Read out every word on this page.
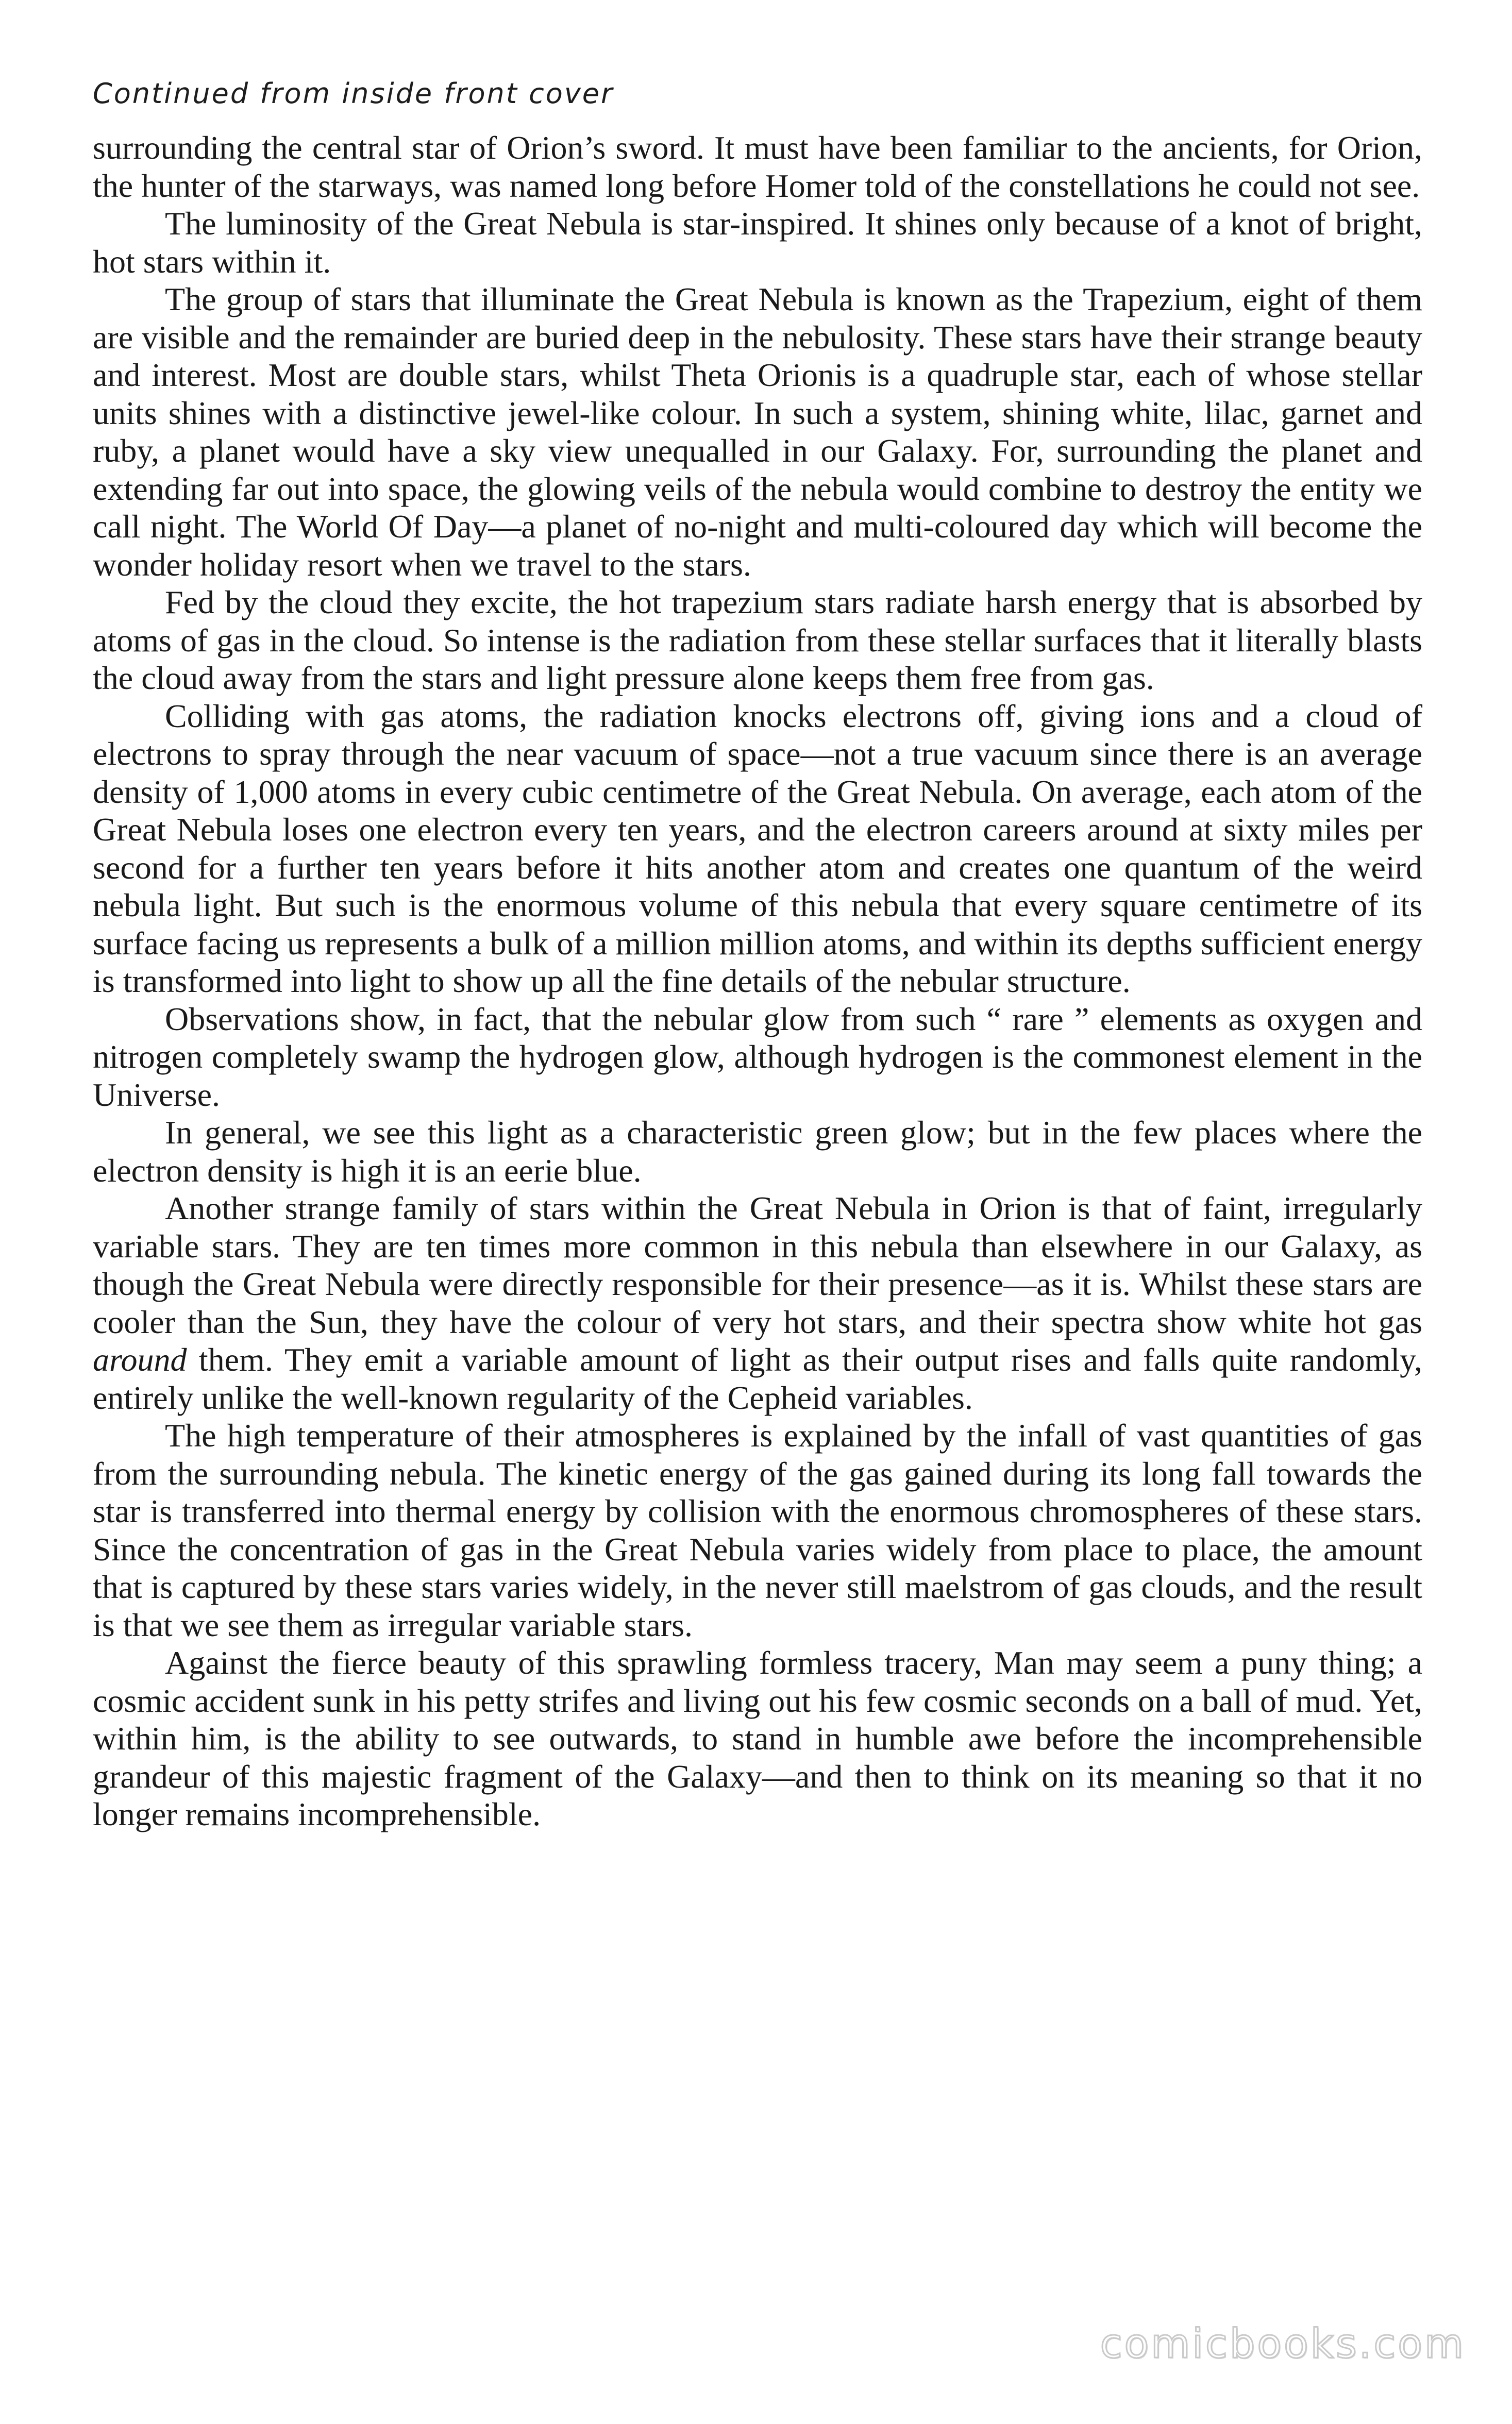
Continued from inside front cover

surrounding the central star of Orion’s sword. It must have been familiar to the ancients, for Orion, the hunter of the starways, was named long before Homer told of the constellations he could not see.

The luminosity of the Great Nebula is star-inspired. It shines only because of a knot of bright, hot stars within it.

The group of stars that illuminate the Great Nebula is known as the Trapezium, eight of them are visible and the remainder are buried deep in the nebulosity. These stars have their strange beauty and interest. Most are double stars, whilst Theta Orionis is a quadruple star, each of whose stellar units shines with a distinctive jewel-like colour. In such a system, shining white, lilac, garnet and ruby, a planet would have a sky view unequalled in our Galaxy. For, surrounding the planet and extending far out into space, the glowing veils of the nebula would combine to destroy the entity we call night. The World Of Day—a planet of no-night and multi-coloured day which will become the wonder holiday resort when we travel to the stars.

Fed by the cloud they excite, the hot trapezium stars radiate harsh energy that is absorbed by atoms of gas in the cloud. So intense is the radiation from these stellar surfaces that it literally blasts the cloud away from the stars and light pressure alone keeps them free from gas.

Colliding with gas atoms, the radiation knocks electrons off, giving ions and a cloud of electrons to spray through the near vacuum of space—not a true vacuum since there is an average density of 1,000 atoms in every cubic centimetre of the Great Nebula. On average, each atom of the Great Nebula loses one electron every ten years, and the electron careers around at sixty miles per second for a further ten years before it hits another atom and creates one quantum of the weird nebula light. But such is the enormous volume of this nebula that every square centimetre of its surface facing us represents a bulk of a million million atoms, and within its depths sufficient energy is transformed into light to show up all the fine details of the nebular structure.

Observations show, in fact, that the nebular glow from such “ rare ” elements as oxygen and nitrogen completely swamp the hydrogen glow, although hydrogen is the commonest element in the Universe.

In general, we see this light as a characteristic green glow; but in the few places where the electron density is high it is an eerie blue.

Another strange family of stars within the Great Nebula in Orion is that of faint, irregularly variable stars. They are ten times more common in this nebula than elsewhere in our Galaxy, as though the Great Nebula were directly responsible for their presence—as it is. Whilst these stars are cooler than the Sun, they have the colour of very hot stars, and their spectra show white hot gas around them. They emit a variable amount of light as their output rises and falls quite randomly, entirely unlike the well-known regularity of the Cepheid variables.

The high temperature of their atmospheres is explained by the infall of vast quantities of gas from the surrounding nebula. The kinetic energy of the gas gained during its long fall towards the star is transferred into thermal energy by collision with the enormous chromospheres of these stars. Since the concentration of gas in the Great Nebula varies widely from place to place, the amount that is captured by these stars varies widely, in the never still maelstrom of gas clouds, and the result is that we see them as irregular variable stars.

Against the fierce beauty of this sprawling formless tracery, Man may seem a puny thing; a cosmic accident sunk in his petty strifes and living out his few cosmic seconds on a ball of mud. Yet, within him, is the ability to see outwards, to stand in humble awe before the incomprehensible grandeur of this majestic fragment of the Galaxy—and then to think on its meaning so that it no longer remains incomprehensible.

comicbooks.com
